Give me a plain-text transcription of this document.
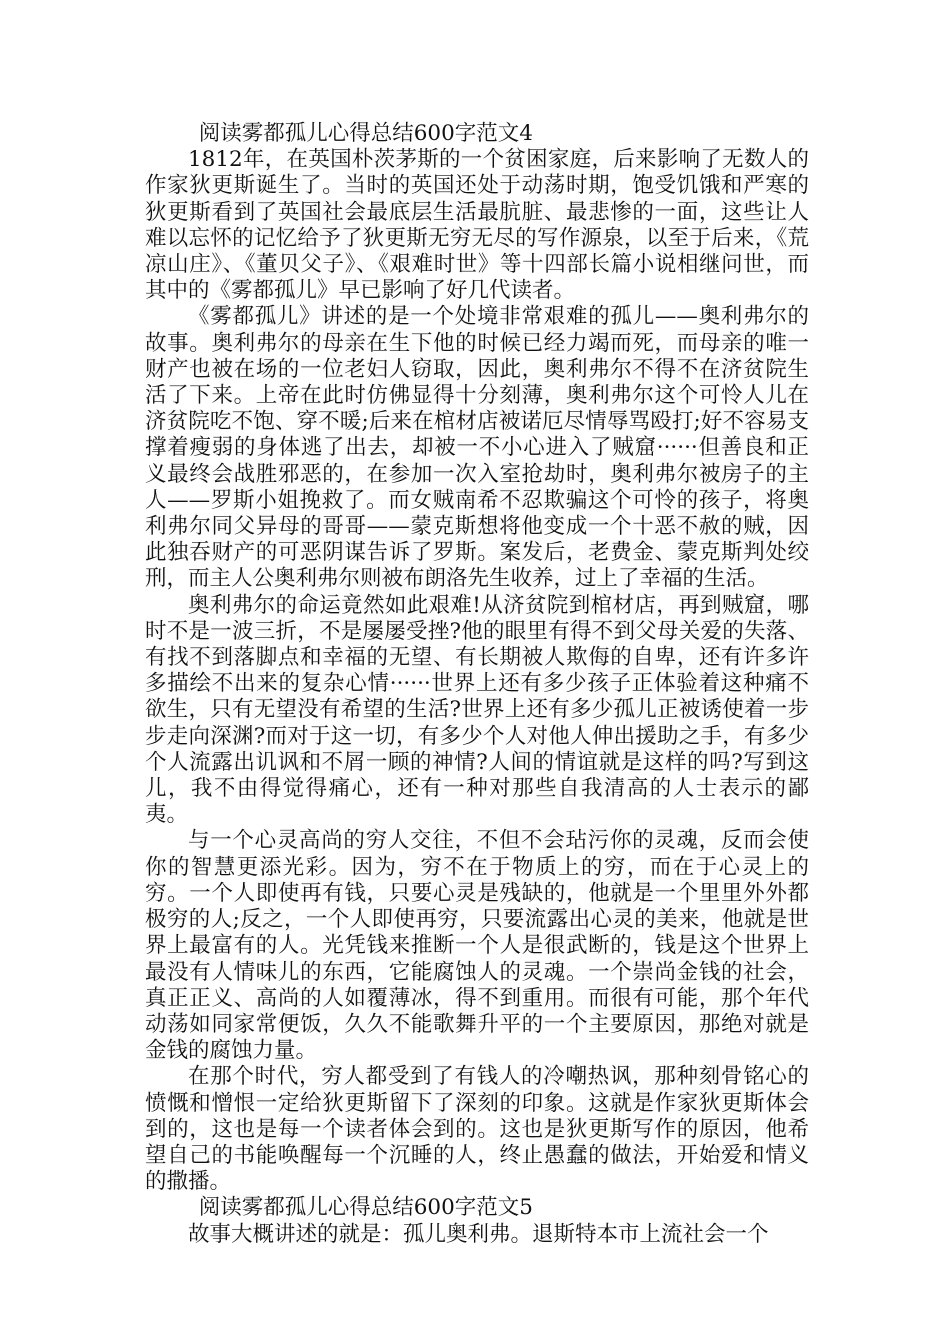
阅读雾都孤儿心得总结600字范文4

1812年，在英国朴茨茅斯的一个贫困家庭，后来影响了无数人的作家狄更斯诞生了。当时的英国还处于动荡时期，饱受饥饿和严寒的狄更斯看到了英国社会最底层生活最肮脏、最悲惨的一面，这些让人难以忘怀的记忆给予了狄更斯无穷无尽的写作源泉，以至于后来，《荒凉山庄》、《董贝父子》、《艰难时世》等十四部长篇小说相继问世，而其中的《雾都孤儿》早已影响了好几代读者。

《雾都孤儿》讲述的是一个处境非常艰难的孤儿——奥利弗尔的故事。奥利弗尔的母亲在生下他的时候已经力竭而死，而母亲的唯一财产也被在场的一位老妇人窃取，因此，奥利弗尔不得不在济贫院生活了下来。上帝在此时仿佛显得十分刻薄，奥利弗尔这个可怜人儿在济贫院吃不饱、穿不暖;后来在棺材店被诺厄尽情辱骂殴打;好不容易支撑着瘦弱的身体逃了出去，却被一不小心进入了贼窟······但善良和正义最终会战胜邪恶的，在参加一次入室抢劫时，奥利弗尔被房子的主人——罗斯小姐挽救了。而女贼南希不忍欺骗这个可怜的孩子，将奥利弗尔同父异母的哥哥——蒙克斯想将他变成一个十恶不赦的贼，因此独吞财产的可恶阴谋告诉了罗斯。案发后，老费金、蒙克斯判处绞刑，而主人公奥利弗尔则被布朗洛先生收养，过上了幸福的生活。

奥利弗尔的命运竟然如此艰难!从济贫院到棺材店，再到贼窟，哪时不是一波三折，不是屡屡受挫?他的眼里有得不到父母关爱的失落、有找不到落脚点和幸福的无望、有长期被人欺侮的自卑，还有许多许多描绘不出来的复杂心情······世界上还有多少孩子正体验着这种痛不欲生，只有无望没有希望的生活?世界上还有多少孤儿正被诱使着一步步走向深渊?而对于这一切，有多少个人对他人伸出援助之手，有多少个人流露出讥讽和不屑一顾的神情?人间的情谊就是这样的吗?写到这儿，我不由得觉得痛心，还有一种对那些自我清高的人士表示的鄙夷。

与一个心灵高尚的穷人交往，不但不会玷污你的灵魂，反而会使你的智慧更添光彩。因为，穷不在于物质上的穷，而在于心灵上的穷。一个人即使再有钱，只要心灵是残缺的，他就是一个里里外外都极穷的人;反之，一个人即使再穷，只要流露出心灵的美来，他就是世界上最富有的人。光凭钱来推断一个人是很武断的，钱是这个世界上最没有人情味儿的东西，它能腐蚀人的灵魂。一个崇尚金钱的社会，真正正义、高尚的人如覆薄冰，得不到重用。而很有可能，那个年代动荡如同家常便饭，久久不能歌舞升平的一个主要原因，那绝对就是金钱的腐蚀力量。

在那个时代，穷人都受到了有钱人的冷嘲热讽，那种刻骨铭心的愤慨和憎恨一定给狄更斯留下了深刻的印象。这就是作家狄更斯体会到的，这也是每一个读者体会到的。这也是狄更斯写作的原因，他希望自己的书能唤醒每一个沉睡的人，终止愚蠢的做法，开始爱和情义的撒播。

阅读雾都孤儿心得总结600字范文5

故事大概讲述的就是：孤儿奥利弗。退斯特本市上流社会一个
